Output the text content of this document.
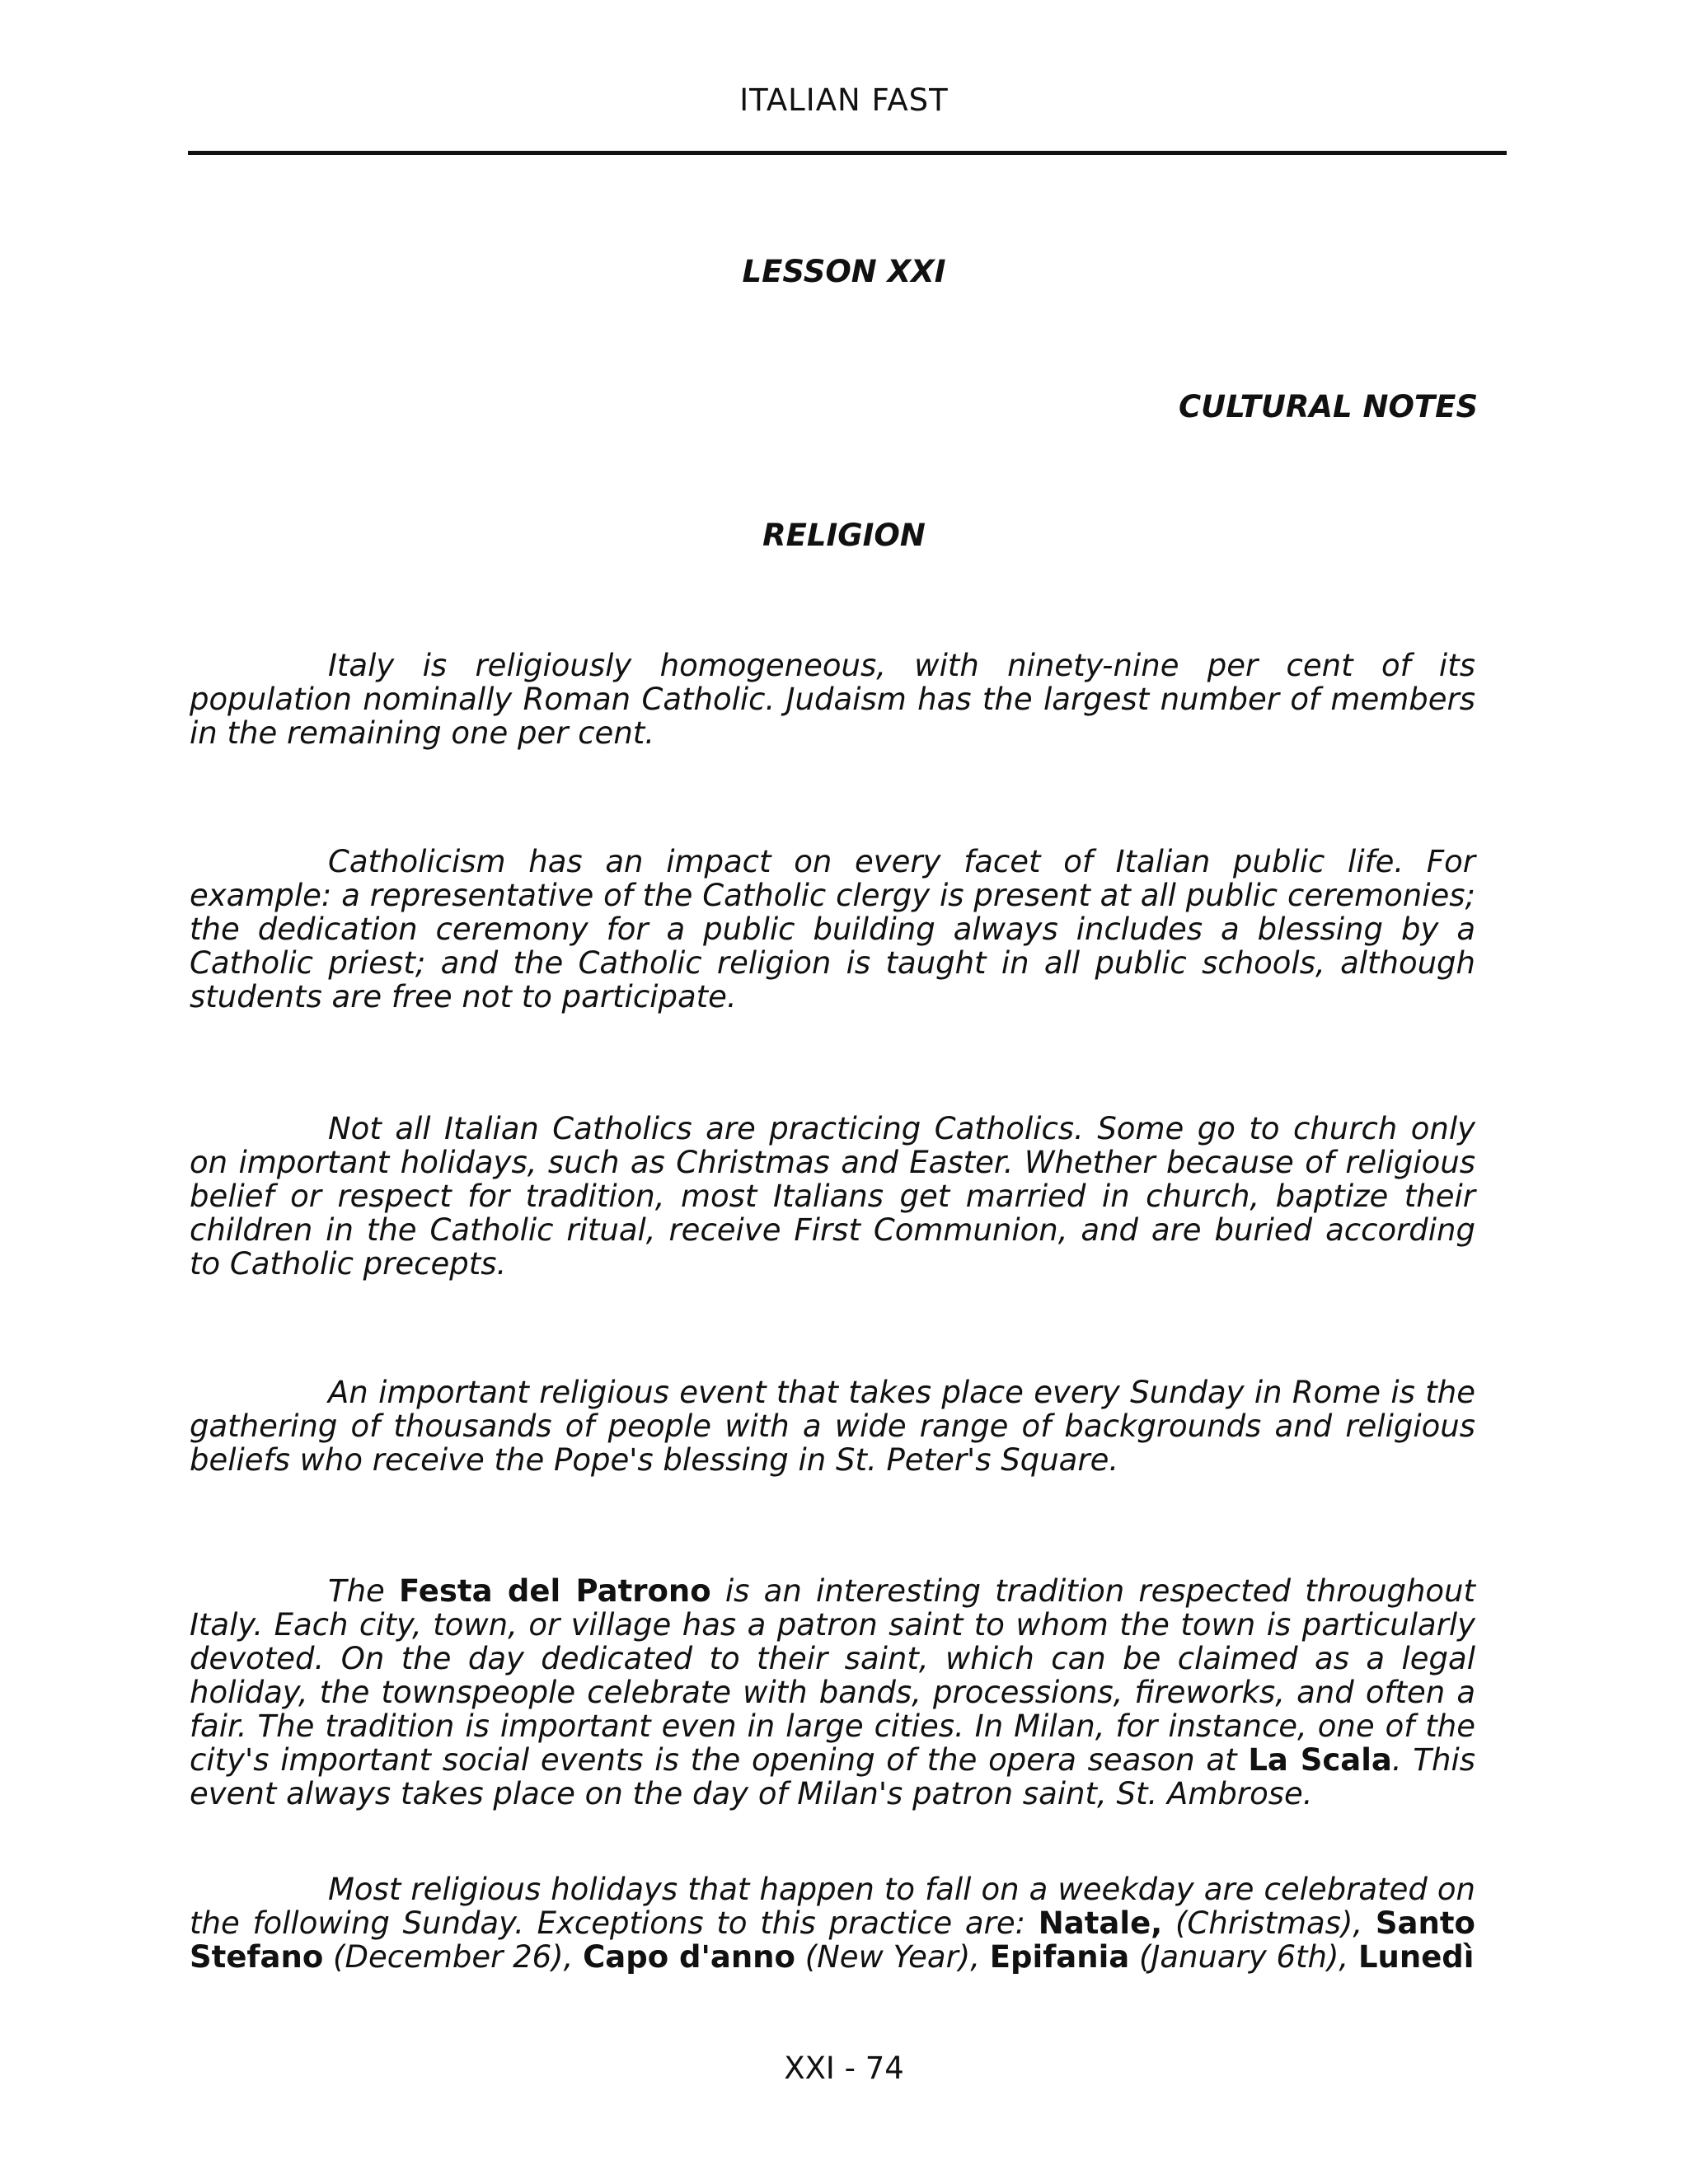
ITALIAN FAST
LESSON XXI
CULTURAL NOTES
RELIGION

Italy is religiously homogeneous, with ninety-nine per cent of its population nominally Roman Catholic. Judaism has the largest number of members in the remaining one per cent.

Catholicism has an impact on every facet of Italian public life. For example: a representative of the Catholic clergy is present at all public ceremonies; the dedication ceremony for a public building always includes a blessing by a Catholic priest; and the Catholic religion is taught in all public schools, although students are free not to participate.

Not all Italian Catholics are practicing Catholics. Some go to church only on important holidays, such as Christmas and Easter. Whether because of religious belief or respect for tradition, most Italians get married in church, baptize their children in the Catholic ritual, receive First Communion, and are buried according to Catholic precepts.

An important religious event that takes place every Sunday in Rome is the gathering of thousands of people with a wide range of backgrounds and religious beliefs who receive the Pope's blessing in St. Peter's Square.

The Festa del Patrono is an interesting tradition respected throughout Italy. Each city, town, or village has a patron saint to whom the town is particularly devoted. On the day dedicated to their saint, which can be claimed as a legal holiday, the townspeople celebrate with bands, processions, fireworks, and often a fair. The tradition is important even in large cities. In Milan, for instance, one of the city's important social events is the opening of the opera season at La Scala. This event always takes place on the day of Milan's patron saint, St. Ambrose.

Most religious holidays that happen to fall on a weekday are celebrated on the following Sunday. Exceptions to this practice are: Natale, (Christmas), Santo Stefano (December 26), Capo d'anno (New Year), Epifania (January 6th), Lunedì

XXI - 74
